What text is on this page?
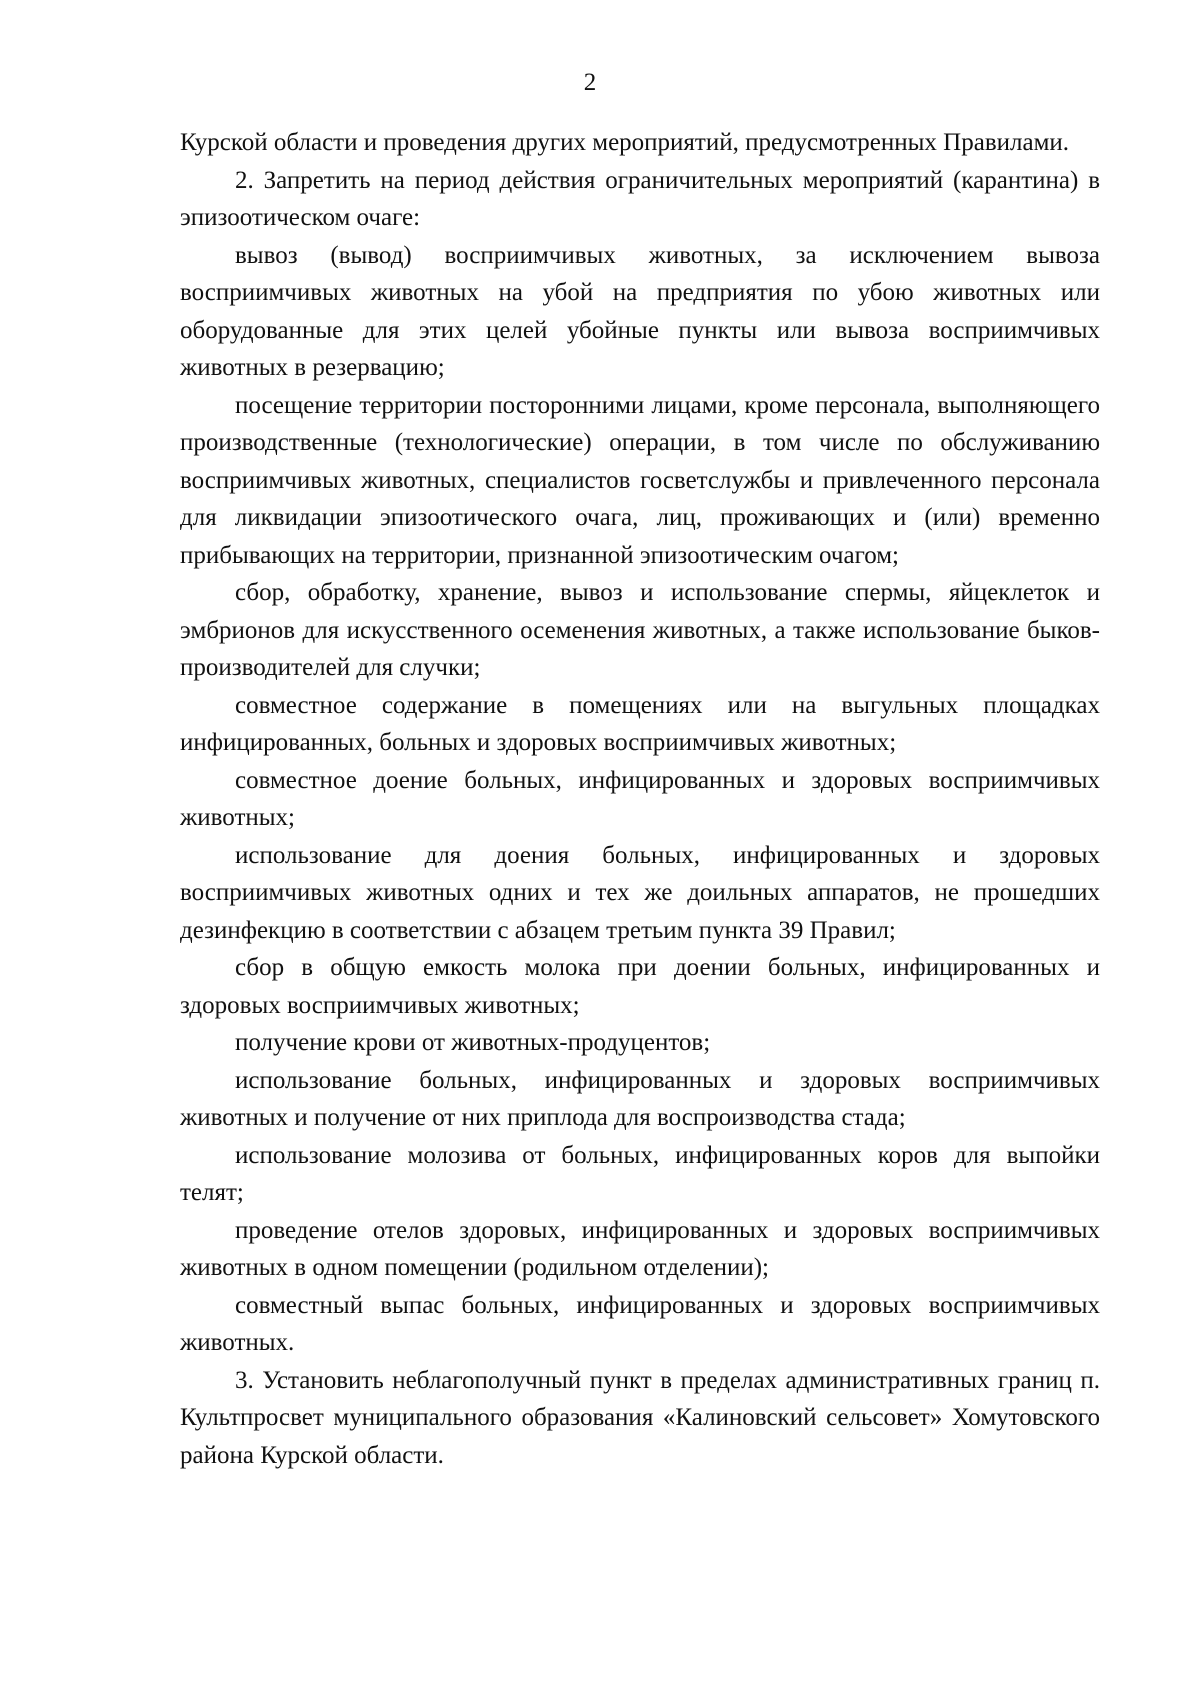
2

Курской области и проведения других мероприятий, предусмотренных Правилами.

2. Запретить на период действия ограничительных мероприятий (карантина) в эпизоотическом очаге:

вывоз (вывод) восприимчивых животных, за исключением вывоза восприимчивых животных на убой на предприятия по убою животных или оборудованные для этих целей убойные пункты или вывоза восприимчивых животных в резервацию;

посещение территории посторонними лицами, кроме персонала, выполняющего производственные (технологические) операции, в том числе по обслуживанию восприимчивых животных, специалистов госветслужбы и привлеченного персонала для ликвидации эпизоотического очага, лиц, проживающих и (или) временно прибывающих на территории, признанной эпизоотическим очагом;

сбор, обработку, хранение, вывоз и использование спермы, яйцеклеток и эмбрионов для искусственного осеменения животных, а также использование быков-производителей для случки;

совместное содержание в помещениях или на выгульных площадках инфицированных, больных и здоровых восприимчивых животных;

совместное доение больных, инфицированных и здоровых восприимчивых животных;

использование для доения больных, инфицированных и здоровых восприимчивых животных одних и тех же доильных аппаратов, не прошедших дезинфекцию в соответствии с абзацем третьим пункта 39 Правил;

сбор в общую емкость молока при доении больных, инфицированных и здоровых восприимчивых животных;

получение крови от животных-продуцентов;

использование больных, инфицированных и здоровых восприимчивых животных и получение от них приплода для воспроизводства стада;

использование молозива от больных, инфицированных коров для выпойки телят;

проведение отелов здоровых, инфицированных и здоровых восприимчивых животных в одном помещении (родильном отделении);

совместный выпас больных, инфицированных и здоровых восприимчивых животных.

3. Установить неблагополучный пункт в пределах административных границ п. Культпросвет муниципального образования «Калиновский сельсовет» Хомутовского района Курской области.
